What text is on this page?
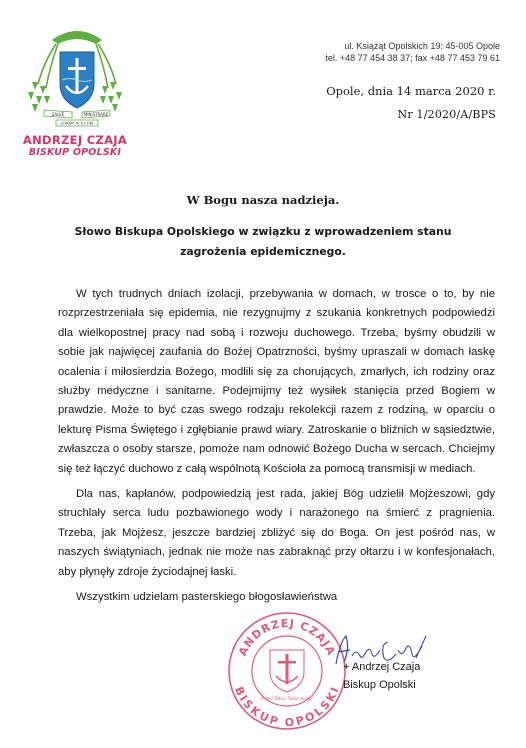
SALVE	MINISTRARE
CORAM TE ET TIBI
ANDRZEJ CZAJA
BISKUP OPOLSKI
ul. Książąt Opolskich 19; 45-005 Opole
tel. +48 77 454 38 37; fax +48 77 453 79 61
Opole, dnia 14 marca 2020 r.
Nr 1/2020/A/BPS
W Bogu nasza nadzieja.
Słowo Biskupa Opolskiego w związku z wprowadzeniem stanu
zagrożenia epidemicznego.

W tych trudnych dniach izolacji, przebywania w domach, w trosce o to, by nie rozprzestrzeniała się epidemia, nie rezygnujmy z szukania konkretnych podpowiedzi dla wielkopostnej pracy nad sobą i rozwoju duchowego. Trzeba, byśmy obudzili w sobie jak najwięcej zaufania do Bożej Opatrzności, byśmy upraszali w domach łaskę ocalenia i miłosierdzia Bożego, modlili się za chorujących, zmarłych, ich rodziny oraz służby medyczne i sanitarne. Podejmijmy też wysiłek stanięcia przed Bogiem w prawdzie. Może to być czas swego rodzaju rekolekcji razem z rodziną, w oparciu o lekturę Pisma Świętego i zgłębianie prawd wiary. Zatroskanie o bliźnich w sąsiedztwie, zwłaszcza o osoby starsze, pomoże nam odnowić Bożego Ducha w sercach. Chciejmy się też łączyć duchowo z całą wspólnotą Kościoła za pomocą transmisji w mediach.

Dla nas, kapłanów, podpowiedzią jest rada, jakiej Bóg udzielił Mojżeszowi, gdy struchlały serca ludu pozbawionego wody i narażonego na śmierć z pragnienia. Trzeba, jak Mojżesz, jeszcze bardziej zbliżyć się do Boga. On jest pośród nas, w naszych świątyniach, jednak nie może nas zabraknąć przy ołtarzu i w konfesjonałach, aby płynęły zdroje życiodajnej łaski.

Wszystkim udzielam pasterskiego błogosławieństwa

ANDRZEJ CZAJA
BISKUP OPOLSKI
Przed Tobą i Tobie służyć
+ Andrzej Czaja
Biskup Opolski
